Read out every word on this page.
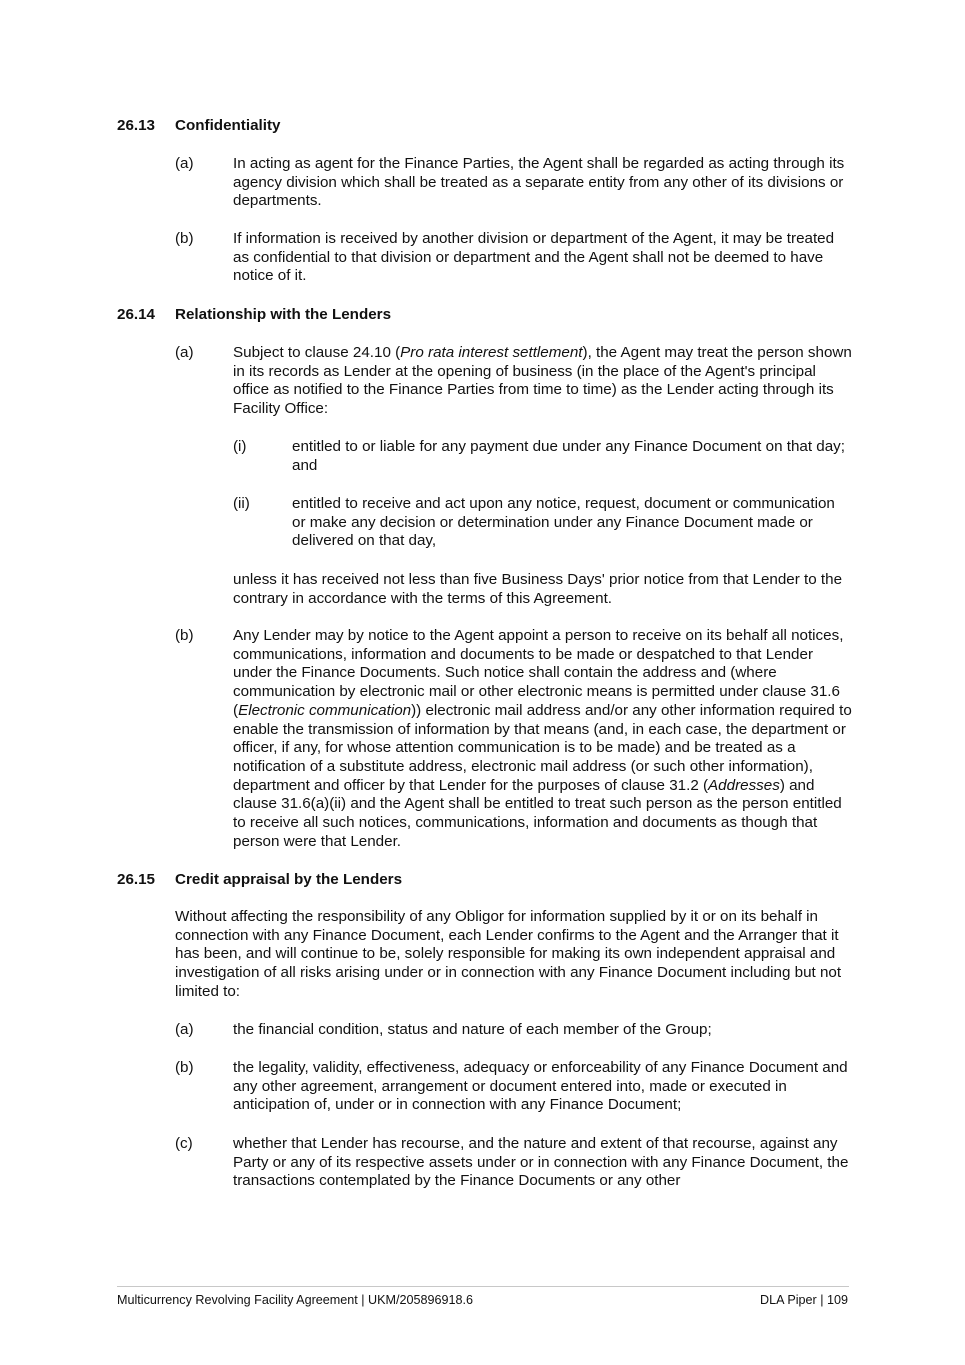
26.13 Confidentiality
(a)	In acting as agent for the Finance Parties, the Agent shall be regarded as acting through its agency division which shall be treated as a separate entity from any other of its divisions or departments.
(b)	If information is received by another division or department of the Agent, it may be treated as confidential to that division or department and the Agent shall not be deemed to have notice of it.
26.14 Relationship with the Lenders
(a)	Subject to clause 24.10 (Pro rata interest settlement), the Agent may treat the person shown in its records as Lender at the opening of business (in the place of the Agent's principal office as notified to the Finance Parties from time to time) as the Lender acting through its Facility Office:
(i)	entitled to or liable for any payment due under any Finance Document on that day; and
(ii)	entitled to receive and act upon any notice, request, document or communication or make any decision or determination under any Finance Document made or delivered on that day,
unless it has received not less than five Business Days' prior notice from that Lender to the contrary in accordance with the terms of this Agreement.
(b)	Any Lender may by notice to the Agent appoint a person to receive on its behalf all notices, communications, information and documents to be made or despatched to that Lender under the Finance Documents. Such notice shall contain the address and (where communication by electronic mail or other electronic means is permitted under clause 31.6 (Electronic communication)) electronic mail address and/or any other information required to enable the transmission of information by that means (and, in each case, the department or officer, if any, for whose attention communication is to be made) and be treated as a notification of a substitute address, electronic mail address (or such other information), department and officer by that Lender for the purposes of clause 31.2 (Addresses) and clause 31.6(a)(ii) and the Agent shall be entitled to treat such person as the person entitled to receive all such notices, communications, information and documents as though that person were that Lender.
26.15 Credit appraisal by the Lenders
Without affecting the responsibility of any Obligor for information supplied by it or on its behalf in connection with any Finance Document, each Lender confirms to the Agent and the Arranger that it has been, and will continue to be, solely responsible for making its own independent appraisal and investigation of all risks arising under or in connection with any Finance Document including but not limited to:
(a)	the financial condition, status and nature of each member of the Group;
(b)	the legality, validity, effectiveness, adequacy or enforceability of any Finance Document and any other agreement, arrangement or document entered into, made or executed in anticipation of, under or in connection with any Finance Document;
(c)	whether that Lender has recourse, and the nature and extent of that recourse, against any Party or any of its respective assets under or in connection with any Finance Document, the transactions contemplated by the Finance Documents or any other
Multicurrency Revolving Facility Agreement | UKM/205896918.6	DLA Piper | 109
